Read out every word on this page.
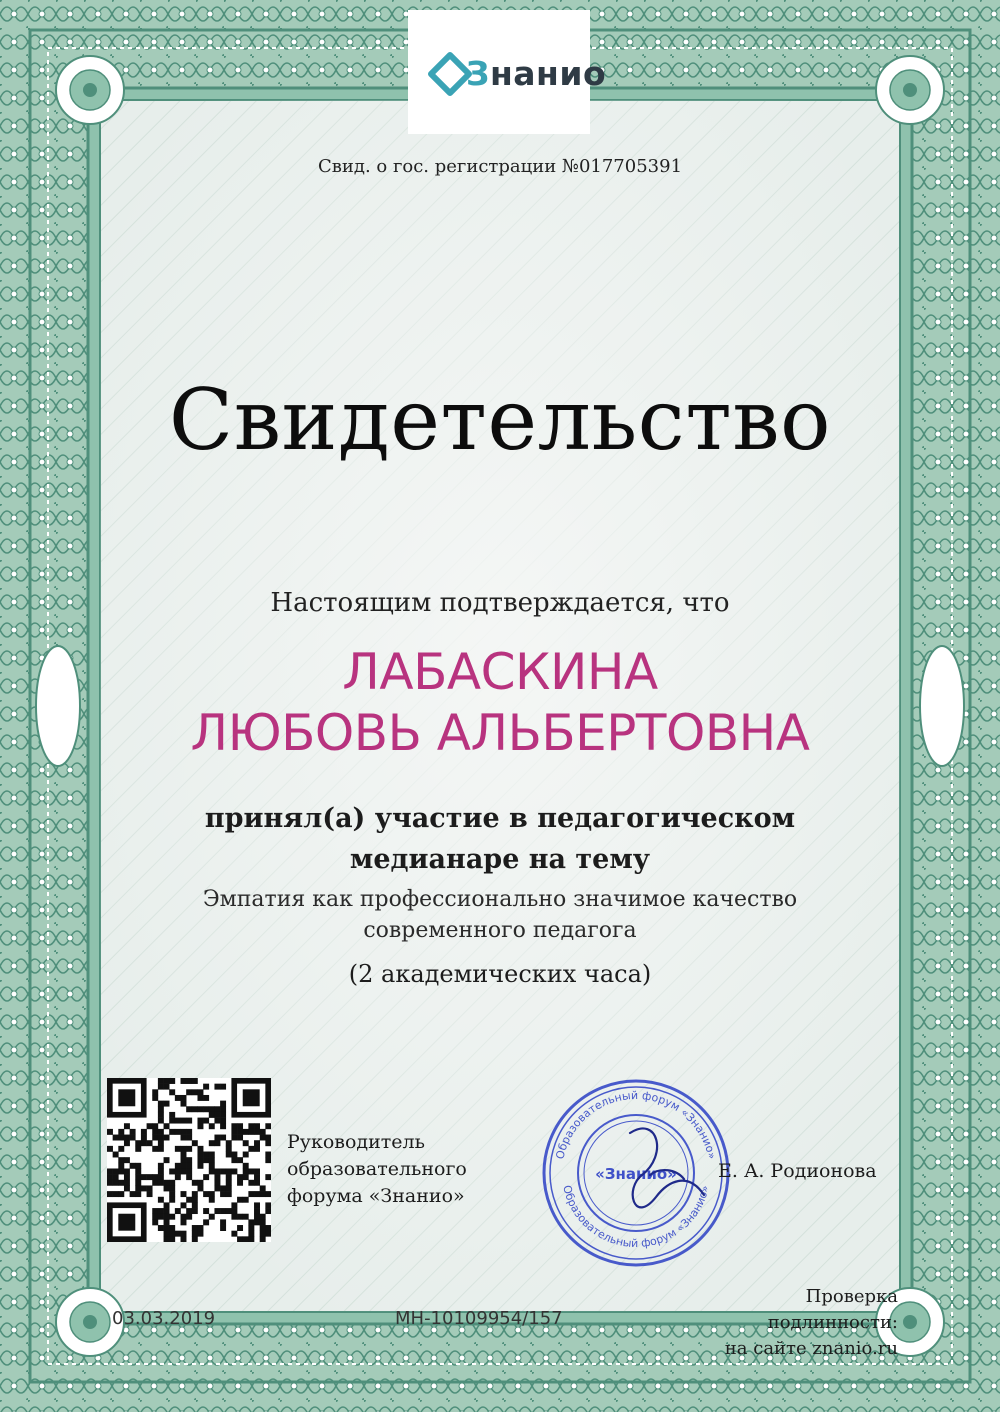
Знанио
Свид. о гос. регистрации №017705391
Свидетельство
Настоящим подтверждается, что
ЛАБАСКИНА
ЛЮБОВЬ АЛЬБЕРТОВНА
принял(а) участие в педагогическом
медианаре на тему
Эмпатия как профессионально значимое качество
современного педагога
(2 академических часа)
Руководитель
образовательного
форума «Знанио»
Образовательный форум «Знанио»
Образовательный форум «Знанио»
«Знанио» Е. А. Родионова
03.03.2019	МН-10109954/157
Проверка
подлинности:
на сайте znanio.ru
